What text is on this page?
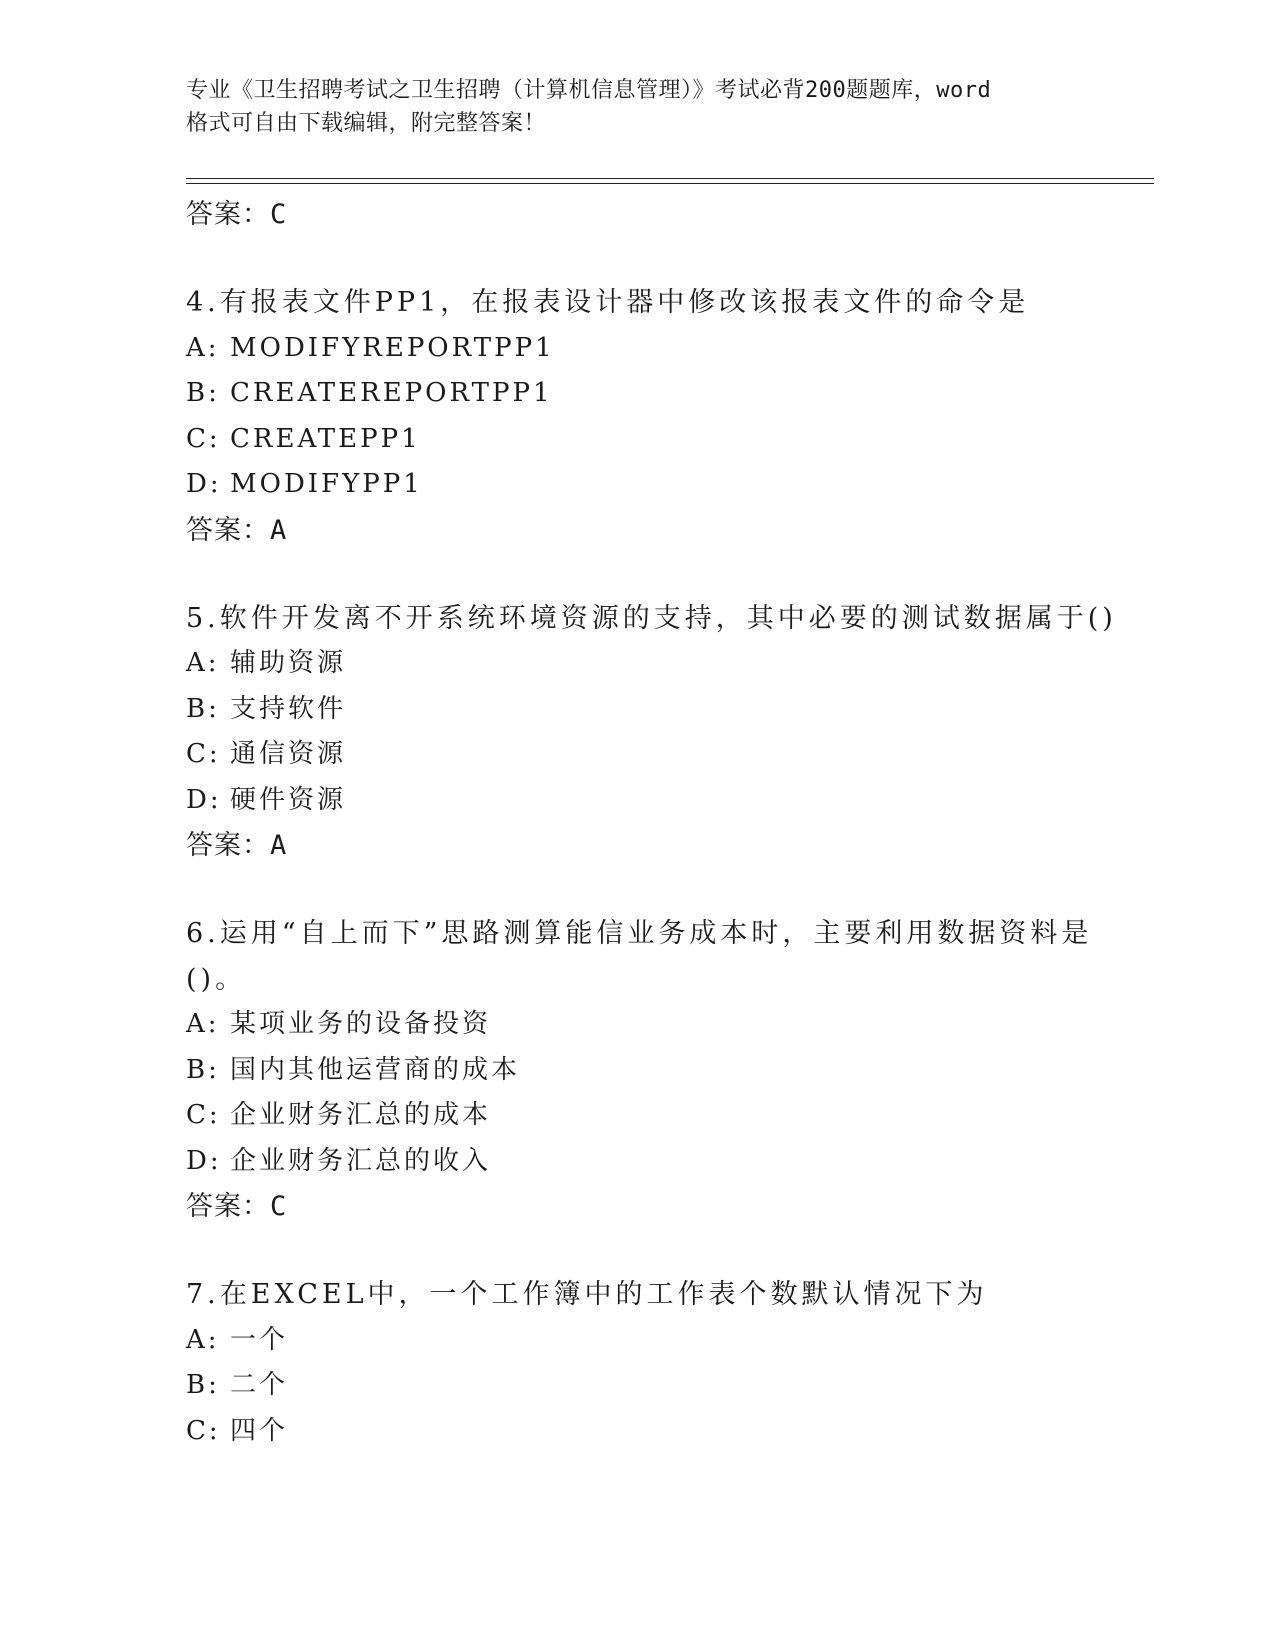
专业《卫生招聘考试之卫生招聘（计算机信息管理）》考试必背200题题库，word
格式可自由下载编辑，附完整答案！
答案：C
4.有报表文件PP1，在报表设计器中修改该报表文件的命令是
A: MODIFYREPORTPP1
B: CREATEREPORTPP1
C: CREATEPP1
D: MODIFYPP1
答案：A
5.软件开发离不开系统环境资源的支持，其中必要的测试数据属于()
A: 辅助资源
B: 支持软件
C: 通信资源
D: 硬件资源
答案：A
6.运用“自上而下”思路测算能信业务成本时，主要利用数据资料是
()。
A: 某项业务的设备投资
B: 国内其他运营商的成本
C: 企业财务汇总的成本
D: 企业财务汇总的收入
答案：C
7.在EXCEL中，一个工作簿中的工作表个数默认情况下为
A: 一个
B: 二个
C: 四个
